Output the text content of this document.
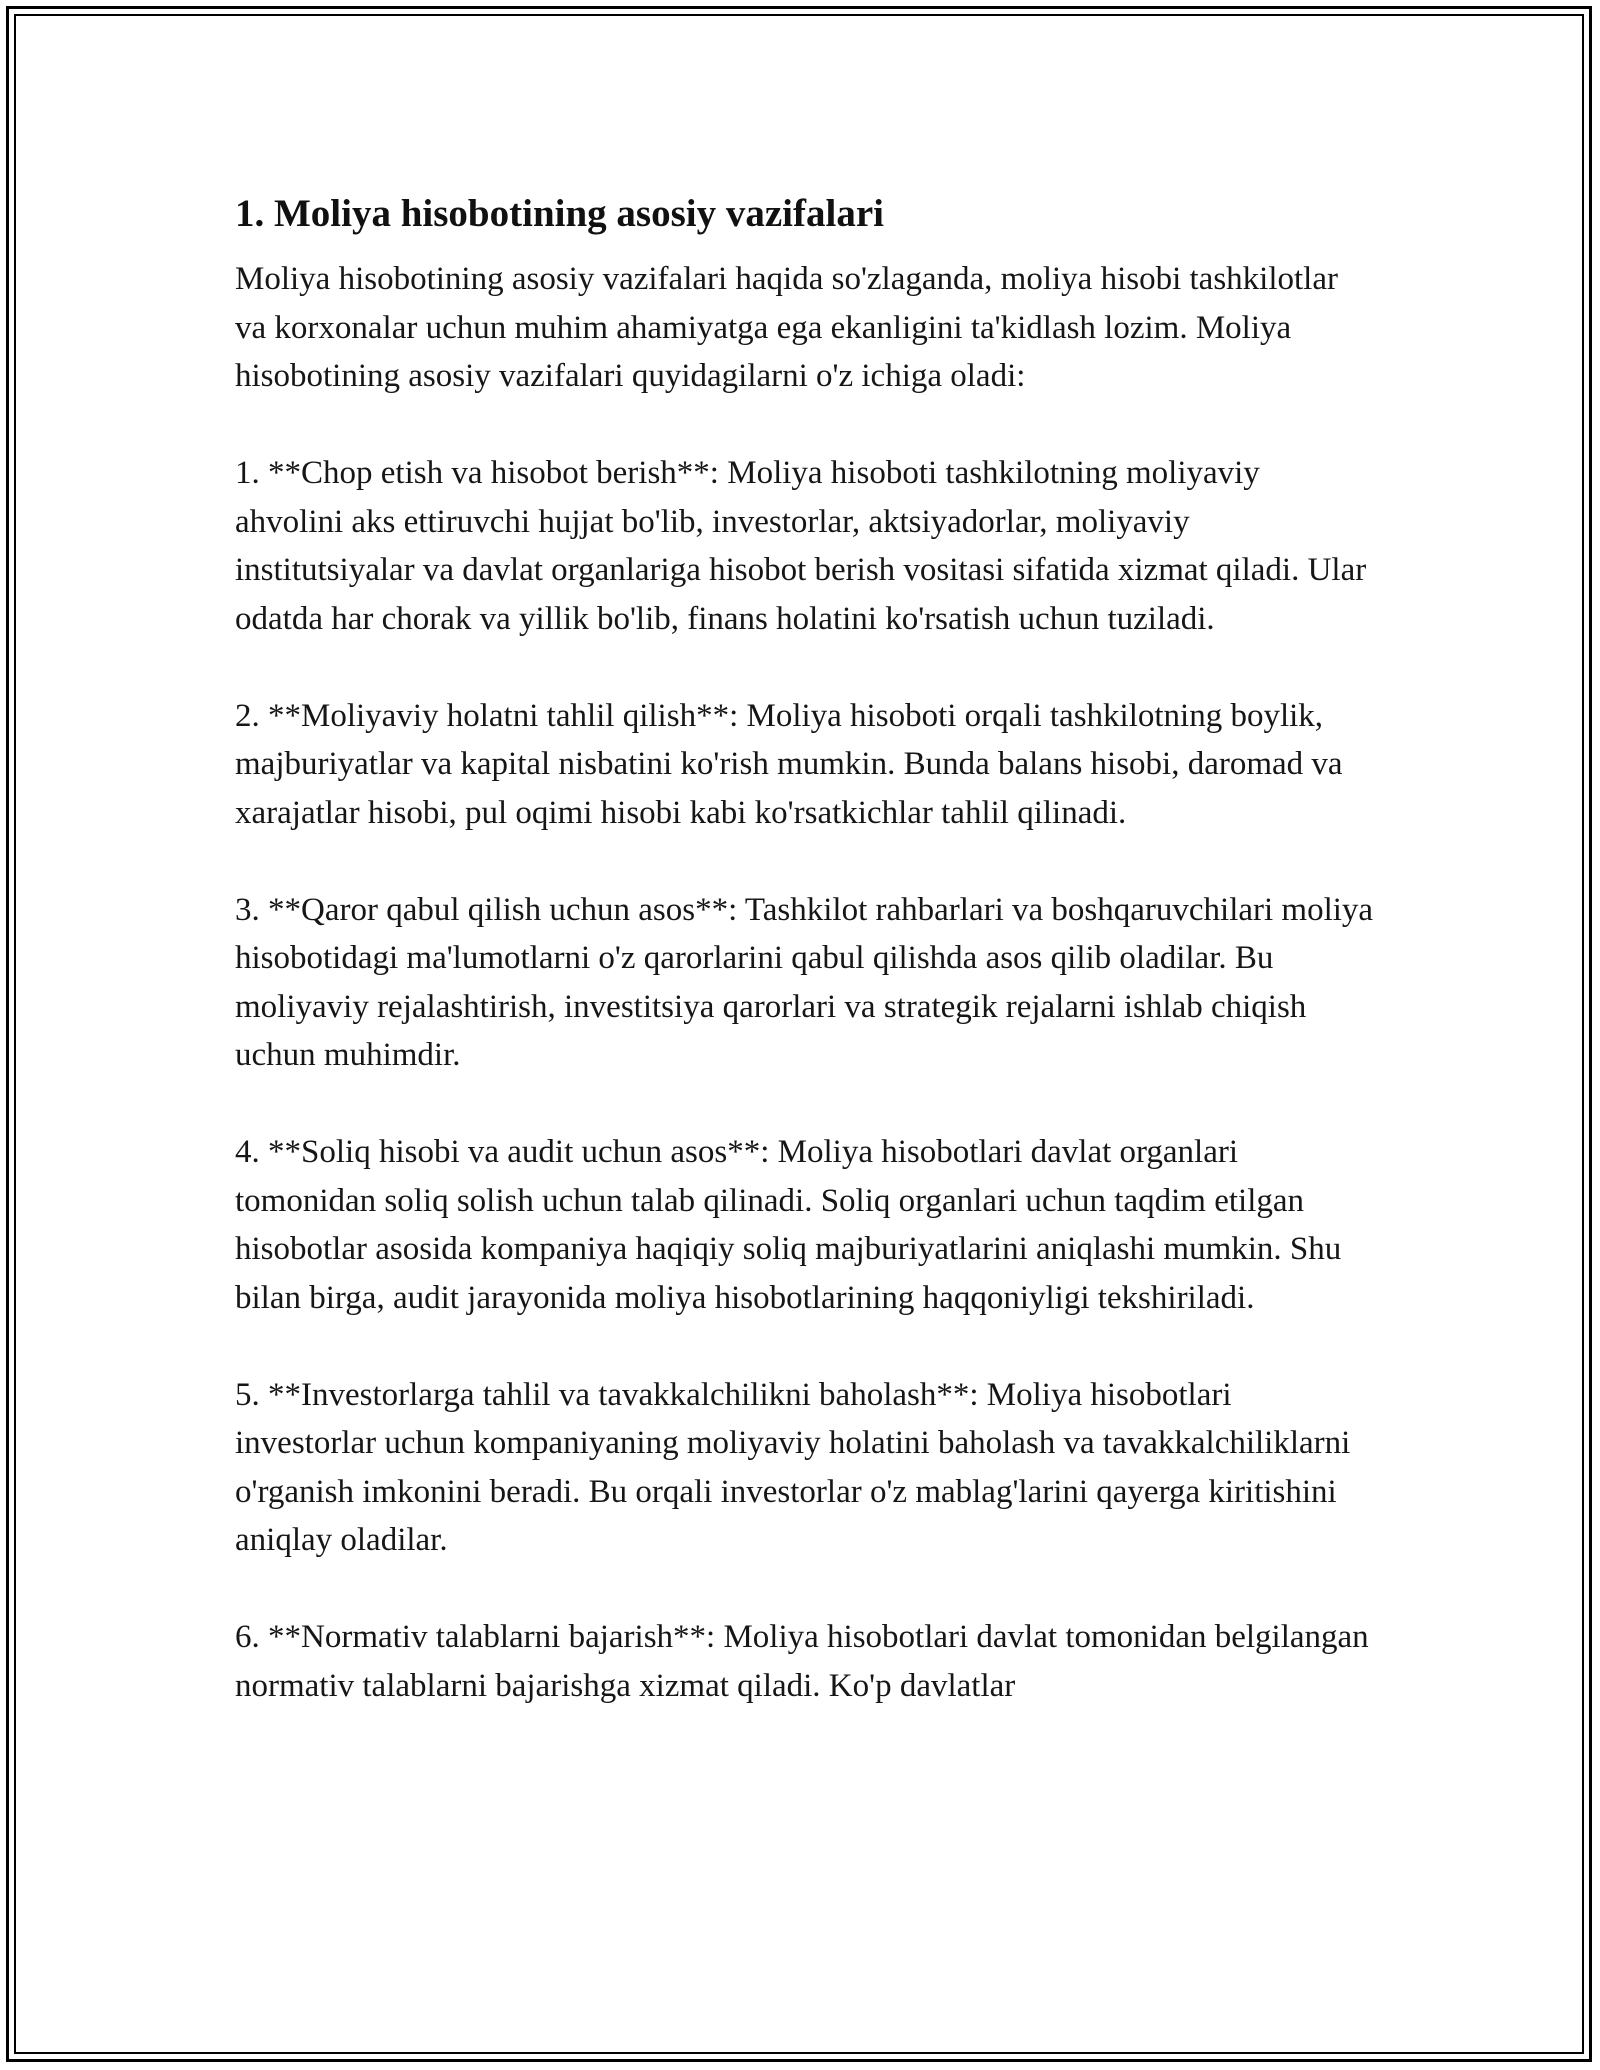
1. Moliya hisobotining asosiy vazifalari

Moliya hisobotining asosiy vazifalari haqida so'zlaganda, moliya hisobi tashkilotlar va korxonalar uchun muhim ahamiyatga ega ekanligini ta'kidlash lozim. Moliya hisobotining asosiy vazifalari quyidagilarni o'z ichiga oladi:

1. **Chop etish va hisobot berish**: Moliya hisoboti tashkilotning moliyaviy ahvolini aks ettiruvchi hujjat bo'lib, investorlar, aktsiyadorlar, moliyaviy institutsiyalar va davlat organlariga hisobot berish vositasi sifatida xizmat qiladi. Ular odatda har chorak va yillik bo'lib, finans holatini ko'rsatish uchun tuziladi.

2. **Moliyaviy holatni tahlil qilish**: Moliya hisoboti orqali tashkilotning boylik, majburiyatlar va kapital nisbatini ko'rish mumkin. Bunda balans hisobi, daromad va xarajatlar hisobi, pul oqimi hisobi kabi ko'rsatkichlar tahlil qilinadi.

3. **Qaror qabul qilish uchun asos**: Tashkilot rahbarlari va boshqaruvchilari moliya hisobotidagi ma'lumotlarni o'z qarorlarini qabul qilishda asos qilib oladilar. Bu moliyaviy rejalashtirish, investitsiya qarorlari va strategik rejalarni ishlab chiqish uchun muhimdir.

4. **Soliq hisobi va audit uchun asos**: Moliya hisobotlari davlat organlari tomonidan soliq solish uchun talab qilinadi. Soliq organlari uchun taqdim etilgan hisobotlar asosida kompaniya haqiqiy soliq majburiyatlarini aniqlashi mumkin. Shu bilan birga, audit jarayonida moliya hisobotlarining haqqoniyligi tekshiriladi.

5. **Investorlarga tahlil va tavakkalchilikni baholash**: Moliya hisobotlari investorlar uchun kompaniyaning moliyaviy holatini baholash va tavakkalchiliklarni o'rganish imkonini beradi. Bu orqali investorlar o'z mablag'larini qayerga kiritishini aniqlay oladilar.

6. **Normativ talablarni bajarish**: Moliya hisobotlari davlat tomonidan belgilangan normativ talablarni bajarishga xizmat qiladi. Ko'p davlatlar
